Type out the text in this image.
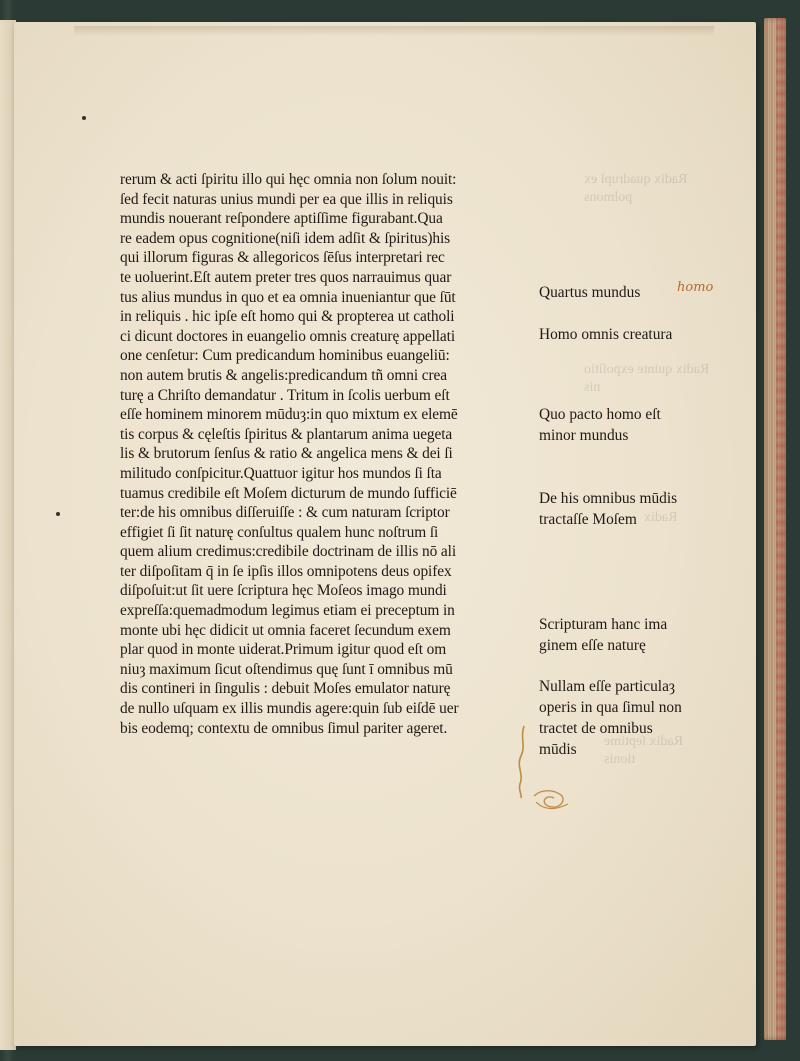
Radix quadrupl ex
polmons
Radix quinte expoſitio
nis
Radix
Radix ſeptime
tionis
rerum & acti ſpiritu illo qui hęc omnia non ſolum nouit:
ſed fecit naturas unius mundi per ea que illis in reliquis
mundis nouerant reſpondere aptiſſime figurabant.Qua
re eadem opus cognitione(niſi idem adſit & ſpiritus)his
qui illorum figuras & allegoricos ſēſus interpretari rec
te uoluerint.Eſt autem preter tres quos narrauimus quar
tus alius mundus in quo et ea omnia inueniantur que ſūt
in reliquis . hic ipſe eſt homo qui & propterea ut catholi
ci dicunt doctores in euangelio omnis creaturę appellati
one cenſetur: Cum predicandum hominibus euangeliū:
non autem brutis & angelis:predicandum tñ omni crea
turę a Chriſto demandatur . Tritum in ſcolis uerbum eſt
eſſe hominem minorem mūduȝ:in quo mixtum ex elemē
tis corpus & cęleſtis ſpiritus & plantarum anima uegeta
lis & brutorum ſenſus & ratio & angelica mens & dei ſi
militudo conſpicitur.Quattuor igitur hos mundos ſi ſta
tuamus credibile eſt Moſem dicturum de mundo ſufficiē
ter:de his omnibus diſſeruiſſe : & cum naturam ſcriptor
effigiet ſi ſit naturę conſultus qualem hunc noſtrum ſi
quem alium credimus:credibile doctrinam de illis nō ali
ter diſpoſitam q̄ in ſe ipſis illos omnipotens deus opifex
diſpoſuit:ut ſit uere ſcriptura hęc Moſeos imago mundi
expreſſa:quemadmodum legimus etiam ei preceptum in
monte ubi hęc didicit ut omnia faceret ſecundum exem
plar quod in monte uiderat.Primum igitur quod eſt om
niuȝ maximum ſicut oſtendimus quę ſunt ī omnibus mū
dis contineri in ſingulis : debuit Moſes emulator naturę
de nullo uſquam ex illis mundis agere:quin ſub eiſdē uer
bis eodemq; contextu de omnibus ſimul pariter ageret.
Quartus mundus
Homo omnis creatura
Quo pacto homo eſt
minor mundus
De his omnibus mūdis
tractaſſe Moſem
Scripturam hanc ima
ginem eſſe naturę
Nullam eſſe particulaȝ
operis in qua ſimul non
tractet de omnibus
mūdis
homo
